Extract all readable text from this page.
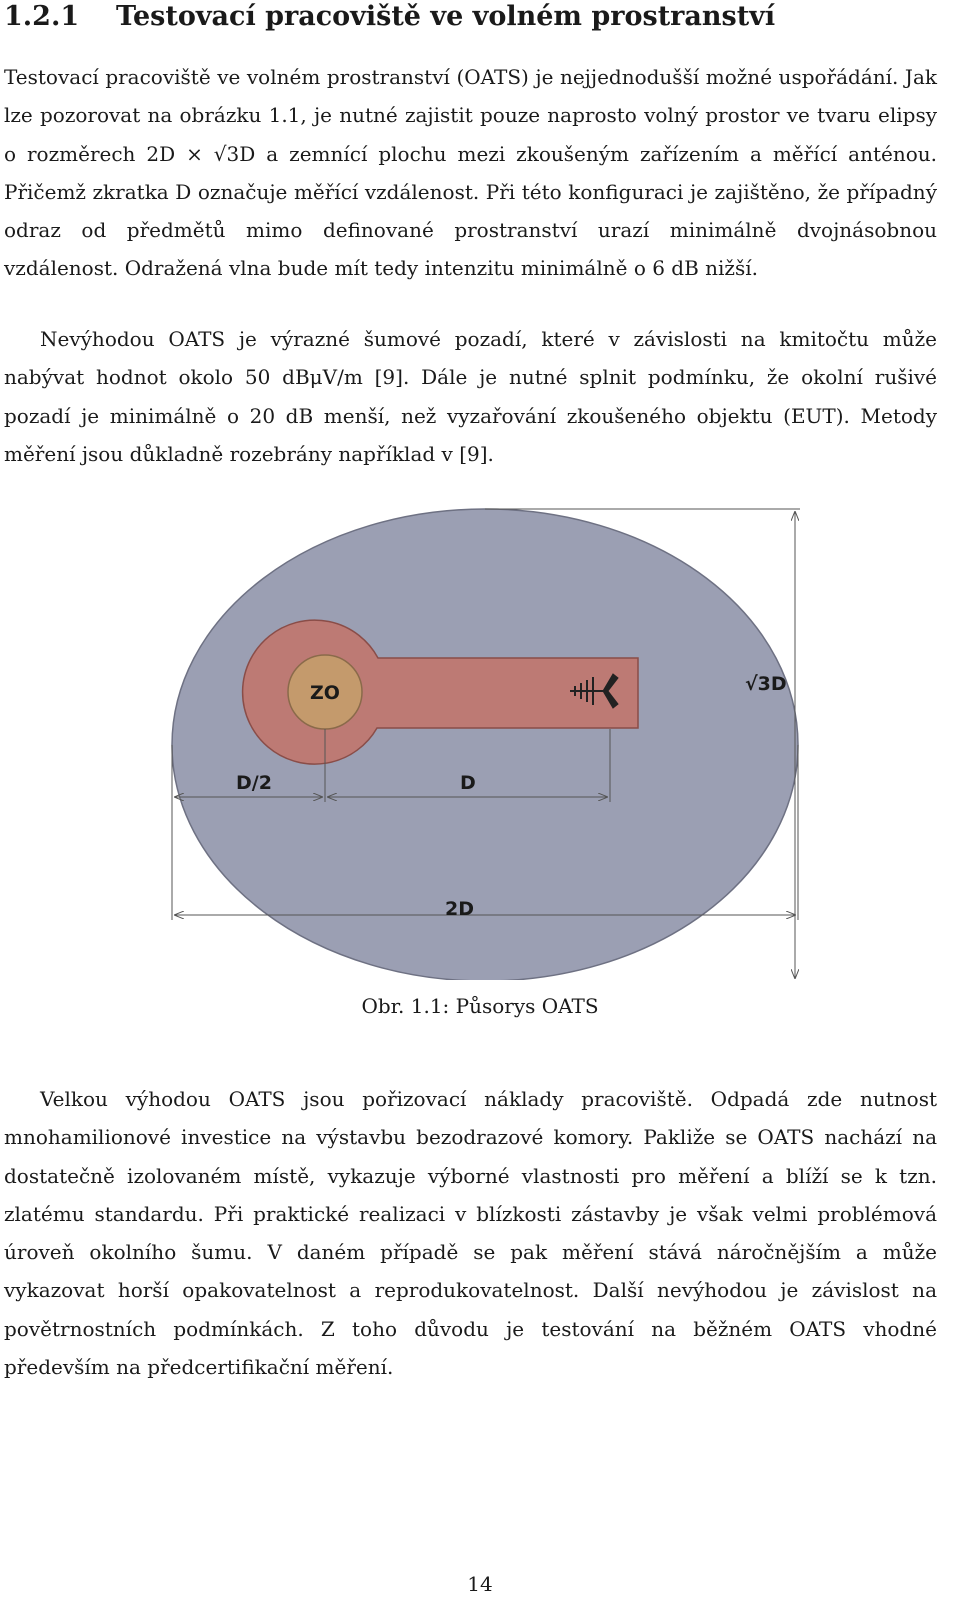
1.2.1 Testovací pracoviště ve volném prostranství

Testovací pracoviště ve volném prostranství (OATS) je nejjednodušší možné uspořádání. Jak lze pozorovat na obrázku 1.1, je nutné zajistit pouze naprosto volný prostor ve tvaru elipsy o rozměrech 2D × √3D a zemnící plochu mezi zkoušeným zařízením a měřící anténou. Přičemž zkratka D označuje měřící vzdálenost. Při této konfiguraci je zajištěno, že případný odraz od předmětů mimo definované prostranství urazí minimálně dvojnásobnou vzdálenost. Odražená vlna bude mít tedy intenzitu minimálně o 6 dB nižší.

Nevýhodou OATS je výrazné šumové pozadí, které v závislosti na kmitočtu může nabývat hodnot okolo 50 dBμV/m [9]. Dále je nutné splnit podmínku, že okolní rušivé pozadí je minimálně o 20 dB menší, než vyzařování zkoušeného objektu (EUT). Metody měření jsou důkladně rozebrány například v [9].

ZO	√3D
D/2	D
2D
Obr. 1.1: Půsorys OATS

Velkou výhodou OATS jsou pořizovací náklady pracoviště. Odpadá zde nutnost mnohamilionové investice na výstavbu bezodrazové komory. Pakliže se OATS nachází na dostatečně izolovaném místě, vykazuje výborné vlastnosti pro měření a blíží se k tzn. zlatému standardu. Při praktické realizaci v blízkosti zástavby je však velmi problémová úroveň okolního šumu. V daném případě se pak měření stává náročnějším a může vykazovat horší opakovatelnost a reprodukovatelnost. Další nevýhodou je závislost na povětrnostních podmínkách. Z toho důvodu je testování na běžném OATS vhodné především na předcertifikační měření.

14
